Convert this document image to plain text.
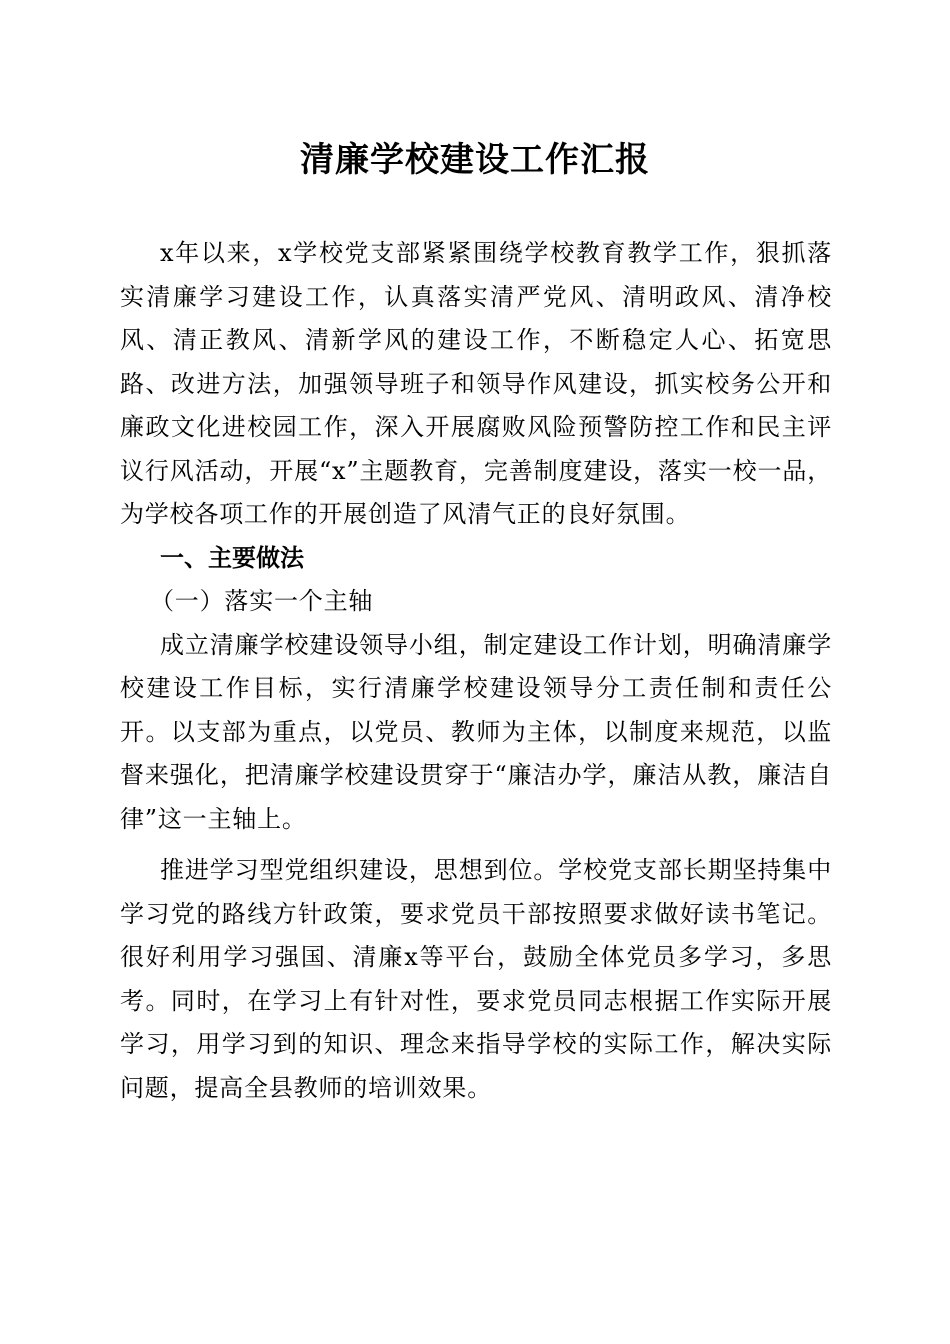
清廉学校建设工作汇报

x年以来，x学校党支部紧紧围绕学校教育教学工作，狠抓落实清廉学习建设工作，认真落实清严党风、清明政风、清净校风、清正教风、清新学风的建设工作，不断稳定人心、拓宽思路、改进方法，加强领导班子和领导作风建设，抓实校务公开和廉政文化进校园工作，深入开展腐败风险预警防控工作和民主评议行风活动，开展“x”主题教育，完善制度建设，落实一校一品，为学校各项工作的开展创造了风清气正的良好氛围。

一、主要做法

（一）落实一个主轴

成立清廉学校建设领导小组，制定建设工作计划，明确清廉学校建设工作目标，实行清廉学校建设领导分工责任制和责任公开。以支部为重点，以党员、教师为主体，以制度来规范，以监督来强化，把清廉学校建设贯穿于“廉洁办学，廉洁从教，廉洁自律”这一主轴上。

推进学习型党组织建设，思想到位。学校党支部长期坚持集中学习党的路线方针政策，要求党员干部按照要求做好读书笔记。很好利用学习强国、清廉x等平台，鼓励全体党员多学习，多思考。同时，在学习上有针对性，要求党员同志根据工作实际开展学习，用学习到的知识、理念来指导学校的实际工作，解决实际问题，提高全县教师的培训效果。
